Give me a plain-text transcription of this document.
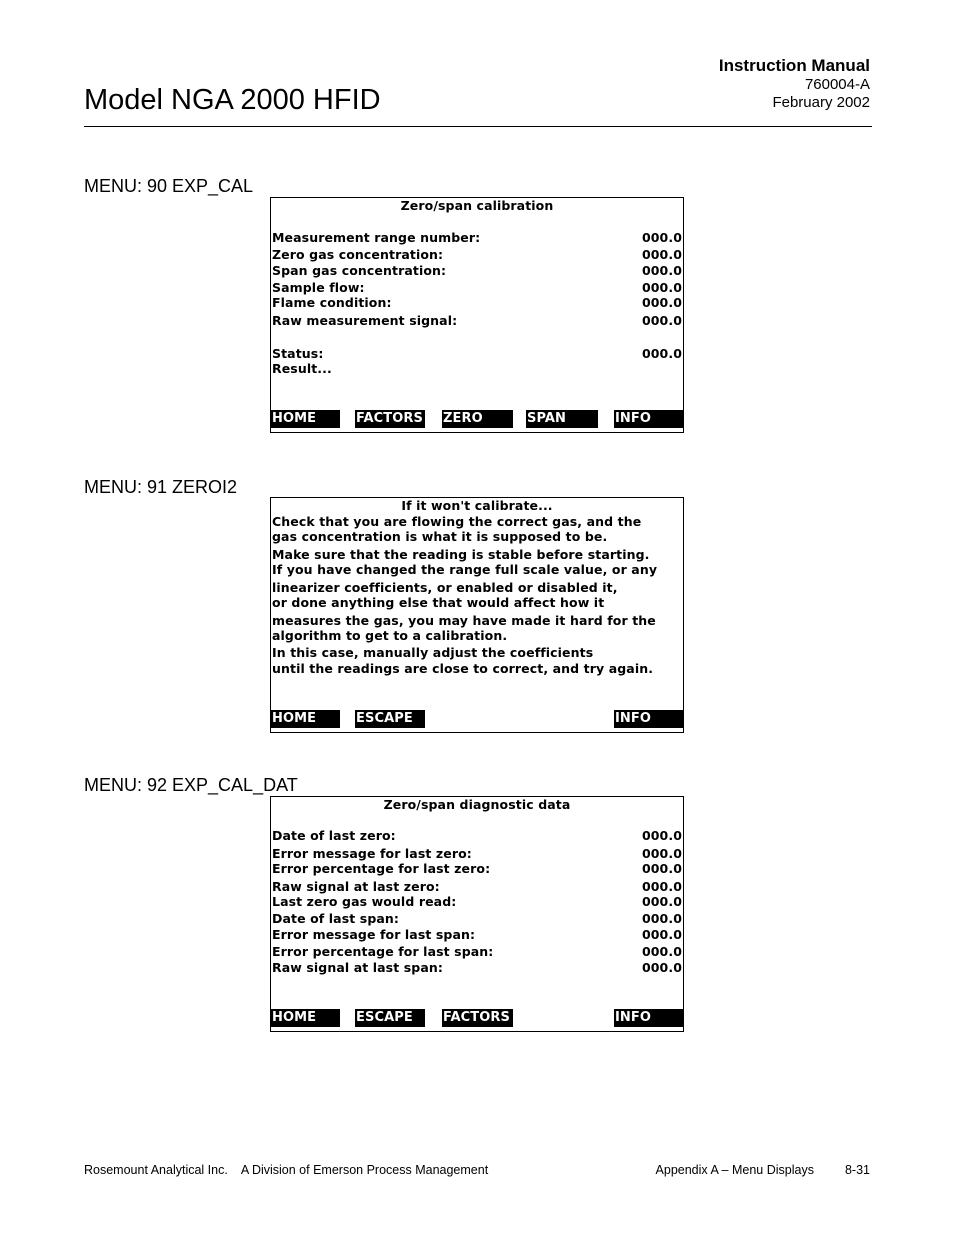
Model NGA 2000 HFID
Instruction Manual
760004-A
February 2002
MENU: 90 EXP_CAL
Zero/span calibration
Measurement range number:	000.0
Zero gas concentration:	000.0
Span gas concentration:	000.0
Sample flow:	000.0
Flame condition:	000.0
Raw measurement signal:	000.0
Status:	000.0
Result...
HOME	FACTORS ZERO	SPAN	INFO
MENU: 91 ZEROI2
If it won't calibrate...
Check that you are flowing the correct gas, and the
gas concentration is what it is supposed to be.
Make sure that the reading is stable before starting.
If you have changed the range full scale value, or any
linearizer coefficients, or enabled or disabled it,
or done anything else that would affect how it
measures the gas, you may have made it hard for the
algorithm to get to a calibration.
In this case, manually adjust the coefficients
until the readings are close to correct, and try again.
HOME	ESCAPE	INFO
MENU: 92 EXP_CAL_DAT
Zero/span diagnostic data
Date of last zero:	000.0
Error message for last zero:	000.0
Error percentage for last zero:	000.0
Raw signal at last zero:	000.0
Last zero gas would read:	000.0
Date of last span:	000.0
Error message for last span:	000.0
Error percentage for last span:	000.0
Raw signal at last span:	000.0
HOME	ESCAPE	FACTORS	INFO
Rosemount Analytical Inc. A Division of Emerson Process Management	Appendix A – Menu Displays 8-31
